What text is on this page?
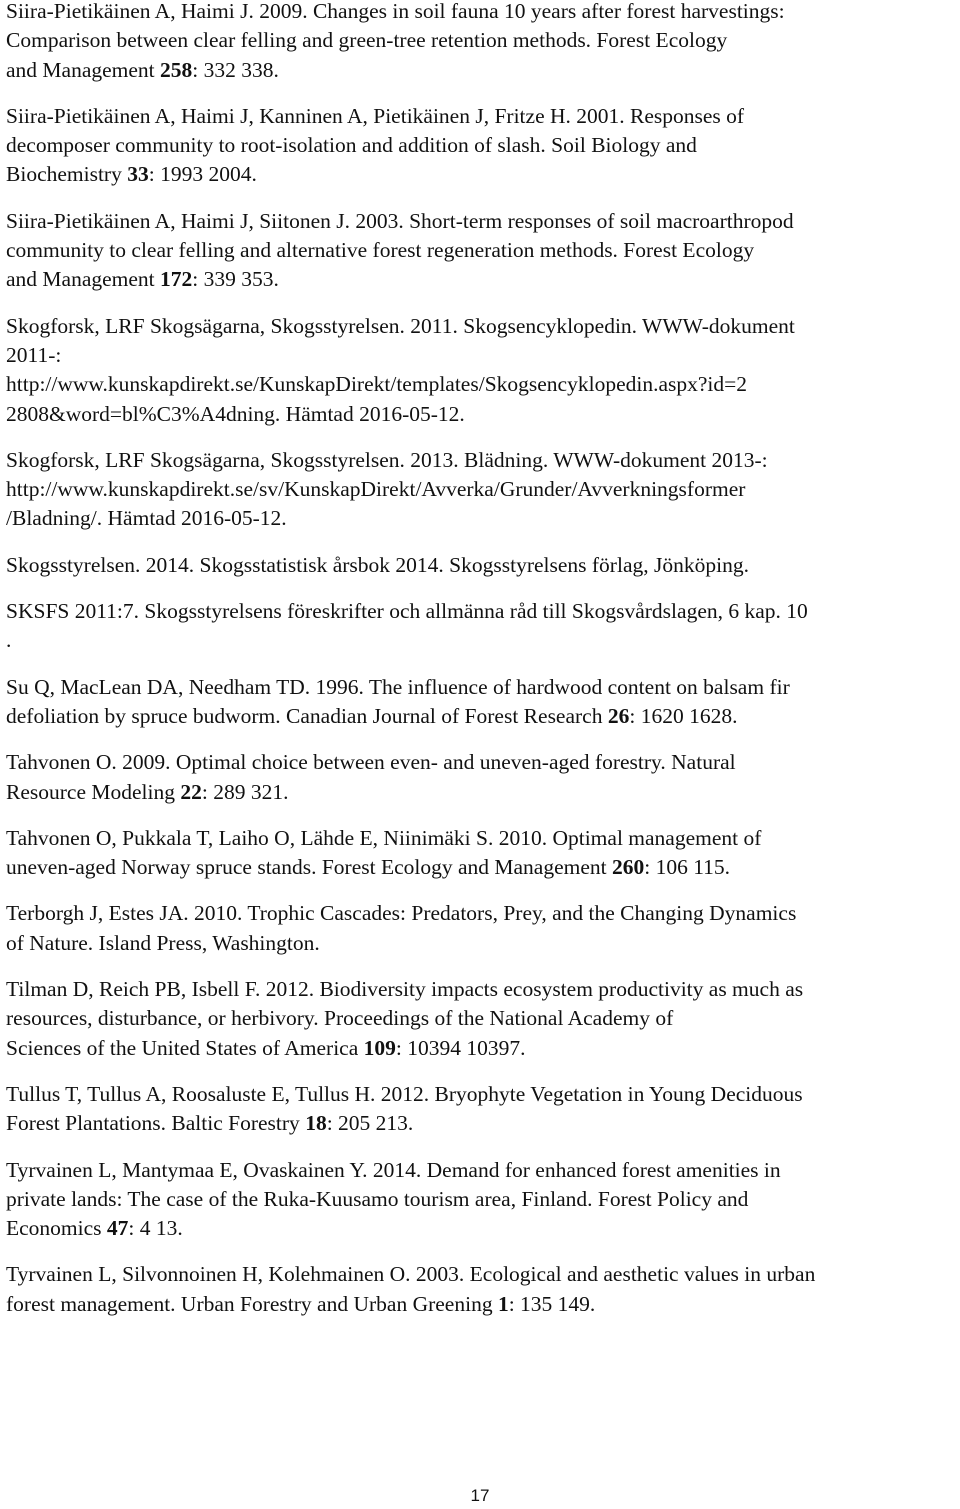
Siira-Pietikäinen A, Haimi J. 2009. Changes in soil fauna 10 years after forest harvestings:
Comparison between clear felling and green-tree retention methods. Forest Ecology
and Management 258: 332 338.
Siira-Pietikäinen A, Haimi J, Kanninen A, Pietikäinen J, Fritze H. 2001. Responses of
decomposer community to root-isolation and addition of slash. Soil Biology and
Biochemistry 33: 1993 2004.
Siira-Pietikäinen A, Haimi J, Siitonen J. 2003. Short-term responses of soil macroarthropod
community to clear felling and alternative forest regeneration methods. Forest Ecology
and Management 172: 339 353.
Skogforsk, LRF Skogsägarna, Skogsstyrelsen. 2011. Skogsencyklopedin. WWW-dokument
2011-:
http://www.kunskapdirekt.se/KunskapDirekt/templates/Skogsencyklopedin.aspx?id=2
2808&word=bl%C3%A4dning. Hämtad 2016-05-12.
Skogforsk, LRF Skogsägarna, Skogsstyrelsen. 2013. Blädning. WWW-dokument 2013-:
http://www.kunskapdirekt.se/sv/KunskapDirekt/Avverka/Grunder/Avverkningsformer
/Bladning/. Hämtad 2016-05-12.
Skogsstyrelsen. 2014. Skogsstatistisk årsbok 2014. Skogsstyrelsens förlag, Jönköping.
SKSFS 2011:7. Skogsstyrelsens föreskrifter och allmänna råd till Skogsvårdslagen, 6 kap. 10
.
Su Q, MacLean DA, Needham TD. 1996. The influence of hardwood content on balsam fir
defoliation by spruce budworm. Canadian Journal of Forest Research 26: 1620 1628.
Tahvonen O. 2009. Optimal choice between even- and uneven-aged forestry. Natural
Resource Modeling 22: 289 321.
Tahvonen O, Pukkala T, Laiho O, Lähde E, Niinimäki S. 2010. Optimal management of
uneven-aged Norway spruce stands. Forest Ecology and Management 260: 106 115.
Terborgh J, Estes JA. 2010. Trophic Cascades: Predators, Prey, and the Changing Dynamics
of Nature. Island Press, Washington.
Tilman D, Reich PB, Isbell F. 2012. Biodiversity impacts ecosystem productivity as much as
resources, disturbance, or herbivory. Proceedings of the National Academy of
Sciences of the United States of America 109: 10394 10397.
Tullus T, Tullus A, Roosaluste E, Tullus H. 2012. Bryophyte Vegetation in Young Deciduous
Forest Plantations. Baltic Forestry 18: 205 213.
Tyrvainen L, Mantymaa E, Ovaskainen Y. 2014. Demand for enhanced forest amenities in
private lands: The case of the Ruka-Kuusamo tourism area, Finland. Forest Policy and
Economics 47: 4 13.
Tyrvainen L, Silvonnoinen H, Kolehmainen O. 2003. Ecological and aesthetic values in urban
forest management. Urban Forestry and Urban Greening 1: 135 149.
17
